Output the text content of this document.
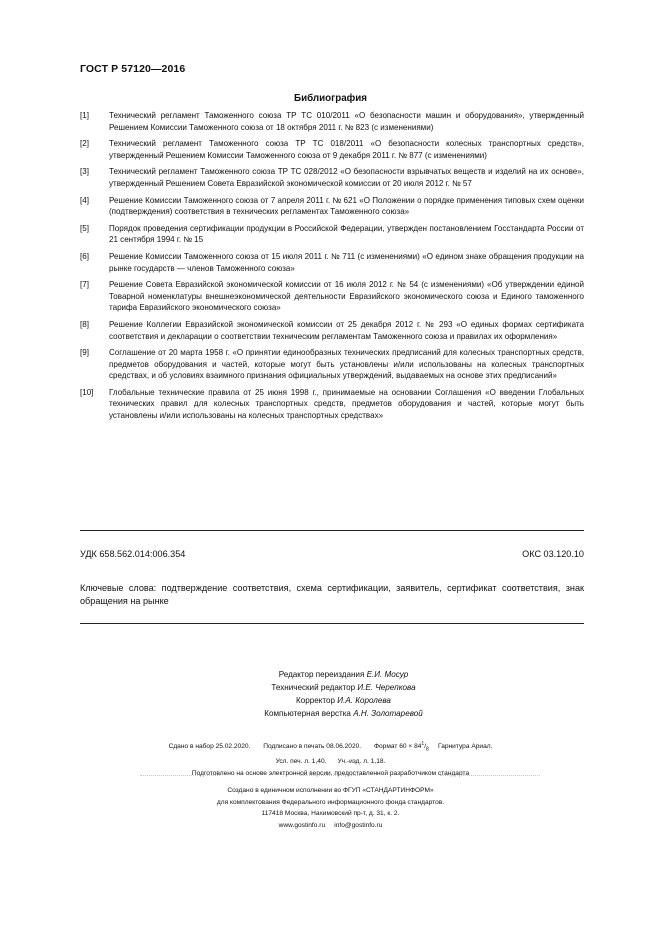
ГОСТ Р 57120—2016
Библиография
[1]	Технический регламент Таможенного союза ТР ТС 010/2011 «О безопасности машин и оборудования», утвержденный Решением Комиссии Таможенного союза от 18 октября 2011 г. № 823 (с изменениями)
[2]	Технический регламент Таможенного союза ТР ТС 018/2011 «О безопасности колесных транспортных средств», утвержденный Решением Комиссии Таможенного союза от 9 декабря 2011 г. № 877 (с изменениями)
[3]	Технический регламент Таможенного союза ТР ТС 028/2012 «О безопасности взрывчатых веществ и изделий на их основе», утвержденный Решением Совета Евразийской экономической комиссии от 20 июля 2012 г. № 57
[4]	Решение Комиссии Таможенного союза от 7 апреля 2011 г. № 621 «О Положении о порядке применения типовых схем оценки (подтверждения) соответствия в технических регламентах Таможенного союза»
[5]	Порядок проведения сертификации продукции в Российской Федерации, утвержден постановлением Госстандарта России от 21 сентября 1994 г. № 15
[6]	Решение Комиссии Таможенного союза от 15 июля 2011 г. № 711 (с изменениями) «О едином знаке обращения продукции на рынке государств — членов Таможенного союза»
[7]	Решение Совета Евразийской экономической комиссии от 16 июля 2012 г. № 54 (с изменениями) «Об утверждении единой Товарной номенклатуры внешнеэкономической деятельности Евразийского экономического союза и Единого таможенного тарифа Евразийского экономического союза»
[8]	Решение Коллегии Евразийской экономической комиссии от 25 декабря 2012 г. № 293 «О единых формах сертификата соответствия и декларации о соответствии техническим регламентам Таможенного союза и правилах их оформления»
[9]	Соглашение от 20 марта 1958 г. «О принятии единообразных технических предписаний для колесных транспортных средств, предметов оборудования и частей, которые могут быть установлены и/или использованы на колесных транспортных средствах, и об условиях взаимного признания официальных утверждений, выдаваемых на основе этих предписаний»
[10]	Глобальные технические правила от 25 июня 1998 г., принимаемые на основании Соглашения «О введении Глобальных технических правил для колесных транспортных средств, предметов оборудования и частей, которые могут быть установлены и/или использованы на колесных транспортных средствах»
УДК 658.562.014:006.354	ОКС 03.120.10
Ключевые слова: подтверждение соответствия, схема сертификации, заявитель, сертификат соответствия, знак обращения на рынке
Редактор переиздания Е.И. Мосур
Технический редактор И.Е. Черепкова
Корректор И.А. Королева
Компьютерная верстка А.Н. Золотаревой
Сдано в набор 25.02.2020. Подписано в печать 08.06.2020. Формат $60 \times 84^1/_8$ Гарнитура Ариал.
Усл. печ. л. 1,40. Уч.-изд. л. 1,18.
Подготовлено на основе электронной версии, предоставленной разработчиком стандарта
Создано в единичном исполнении во ФГУП «СТАНДАРТИНФОРМ»
для комплектования Федерального информационного фонда стандартов.
117418 Москва, Нахимовский пр-т, д. 31, к. 2.
www.gostinfo.ru info@gostinfo.ru
